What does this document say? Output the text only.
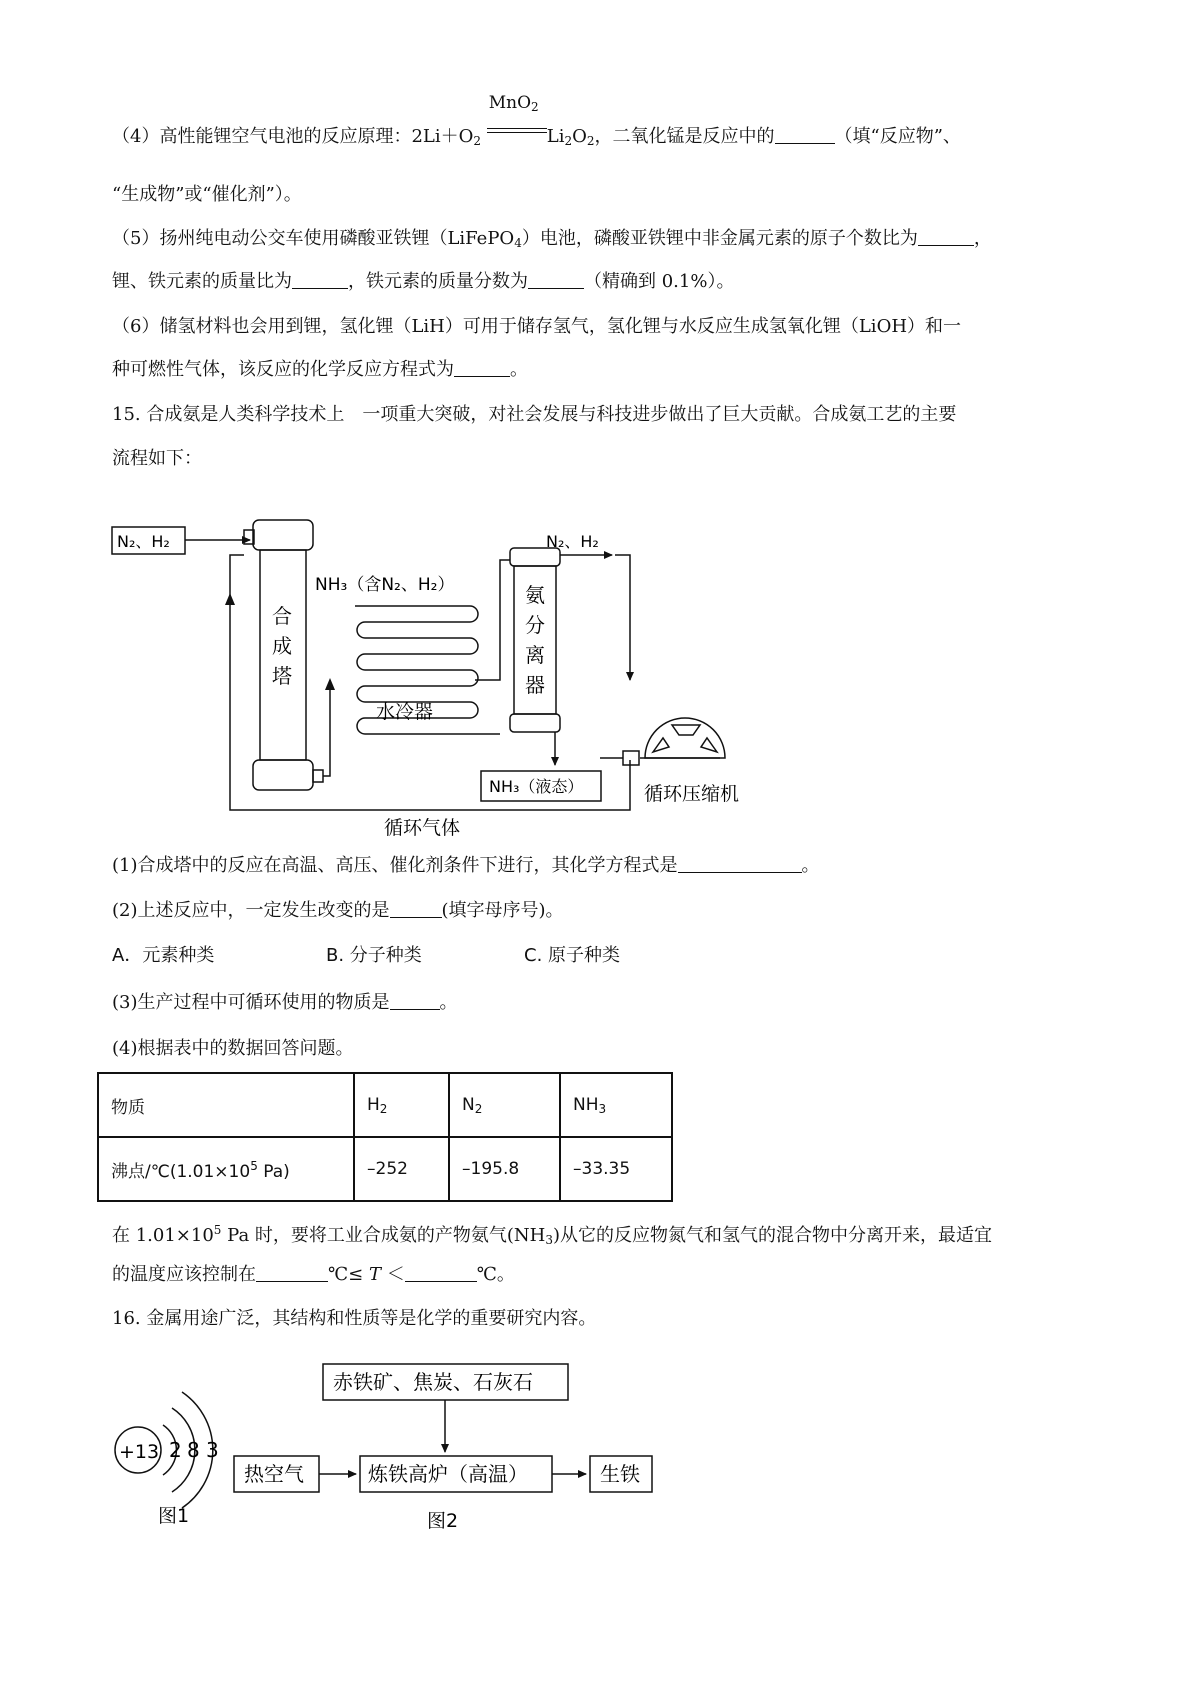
（4）高性能锂空气电池的反应原理：$2Li+O_2$
MnO$_2$
$Li_2O_2$，二氧化锰是反应中的	（填“反应物”、
“生成物”或“催化剂”）。
（5）扬州纯电动公交车使用磷酸亚铁锂（LiFePO$_4$）电池，磷酸亚铁锂中非金属元素的原子个数比为	，
锂、铁元素的质量比为	，铁元素的质量分数为	（精确到 0.1%）。
（6）储氢材料也会用到锂，氢化锂（LiH）可用于储存氢气，氢化锂与水反应生成氢氧化锂（LiOH）和一
种可燃性气体，该反应的化学反应方程式为	。
15. 合成氨是人类科学技术上　一项重大突破，对社会发展与科技进步做出了巨大贡献。合成氨工艺的主要
流程如下：
N₂、H₂
合
成
塔
NH₃（含N₂、H₂）
水冷器
氨
分
离
器
N₂、H₂
NH₃（液态）	循环压缩机
循环气体
(1)合成塔中的反应在高温、高压、催化剂条件下进行，其化学方程式是	。
(2)上述反应中，一定发生改变的是	(填字母序号)。
A．元素种类	B. 分子种类	C. 原子种类
(3)生产过程中可循环使用的物质是	。
(4)根据表中的数据回答问题。
物质	$H_2$	$N_2$	$NH_3$
沸点$/℃(1.01\times 10^5$ Pa)	–252	–195.8	–33.35
在 $1.01\times 10^5$ Pa 时，要将工业合成氨的产物氨气$(NH_3)$从它的反应物氮气和氢气的混合物中分离开来，最适宜
的温度应该控制在	℃≤ T ＜	℃。
16. 金属用途广泛，其结构和性质等是化学的重要研究内容。
+13 2 8 3
图1
赤铁矿、焦炭、石灰石
热空气	炼铁高炉（高温）	生铁
图2
